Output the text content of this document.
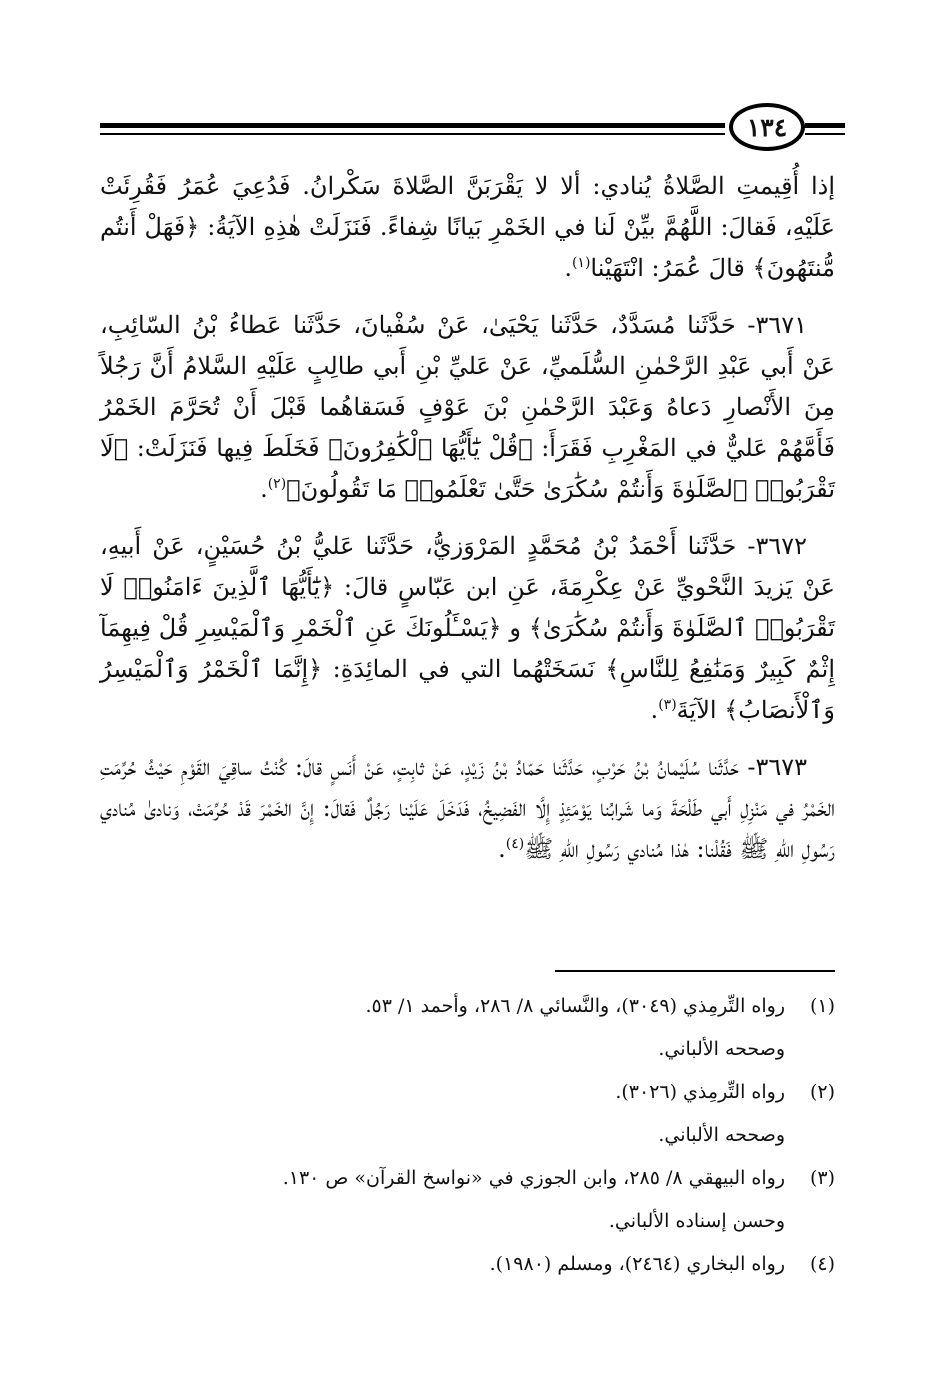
١٣٤

إذا أُقِيمتِ الصَّلاةُ يُنادي: ألا لا يَقْرَبَنَّ الصَّلاةَ سَكْرانُ. فَدُعِيَ عُمَرُ فَقُرِئَتْ عَلَيْهِ، فَقالَ: اللَّهُمَّ بيِّنْ لَنا في الخَمْرِ بَيانًا شِفاءً. فَنَزَلَتْ هٰذِهِ الآيَةُ: ﴿فَهَلْ أَنتُم مُّنتَهُونَ﴾ قالَ عُمَرُ: انْتَهَيْنا$^{(١)}$.

٣٦٧١- حَدَّثَنا مُسَدَّدٌ، حَدَّثَنا يَحْيَىٰ، عَنْ سُفْيانَ، حَدَّثَنا عَطاءُ بْنُ السّائِبِ، عَنْ أَبي عَبْدِ الرَّحْمٰنِ السُّلَميِّ، عَنْ عَليِّ بْنِ أَبي طالِبٍ عَلَيْهِ السَّلامُ أَنَّ رَجُلاً مِنَ الأَنْصارِ دَعاهُ وَعَبْدَ الرَّحْمٰنِ بْنَ عَوْفٍ فَسَقاهُما قَبْلَ أَنْ تُحَرَّمَ الخَمْرُ فَأَمَّهُمْ عَليٌّ في المَغْرِبِ فَقَرَأَ: ﴿قُلْ يَٰٓأَيُّهَا ٱلْكَٰفِرُونَ﴾ فَخَلَطَ فِيها فَنَزَلَتْ: ﴿لَا تَقْرَبُوا۟ ٱلصَّلَوٰةَ وَأَنتُمْ سُكَٰرَىٰ حَتَّىٰ تَعْلَمُوا۟ مَا تَقُولُونَ﴾$^{(٢)}$.

٣٦٧٢- حَدَّثَنا أَحْمَدُ بْنُ مُحَمَّدٍ المَرْوَزيُّ، حَدَّثَنا عَليُّ بْنُ حُسَيْنٍ، عَنْ أَبيهِ، عَنْ يَزيدَ النَّحْويِّ عَنْ عِكْرِمَةَ، عَنِ ابن عَبّاسٍ قالَ: ﴿يَٰٓأَيُّهَا ٱلَّذِينَ ءَامَنُوا۟ لَا تَقْرَبُوا۟ ٱلصَّلَوٰةَ وَأَنتُمْ سُكَٰرَىٰ﴾ و ﴿يَسْـَٔلُونَكَ عَنِ ٱلْخَمْرِ وَٱلْمَيْسِرِ قُلْ فِيهِمَآ إِثْمٌ كَبِيرٌ وَمَنَٰفِعُ لِلنَّاسِ﴾ نَسَخَتْهُما التي في المائِدَةِ: ﴿إِنَّمَا ٱلْخَمْرُ وَٱلْمَيْسِرُ وَٱلْأَنصَابُ﴾ الآيَةَ$^{(٣)}$.

٣٦٧٣- حَدَّثَنا سُلَيْمانُ بْنُ حَرْبٍ، حَدَّثَنا حَمّادُ بْنُ زَيْدٍ، عَنْ ثابِتٍ، عَنْ أَنَسٍ قالَ: كُنْتُ ساقِيَ القَوْمِ حَيْثُ حُرِّمَتِ الخَمْرُ في مَنْزِلِ أَبي طَلْحَةَ وَما شَرابُنا يَوْمَئِذٍ إِلَّا الفَضِيخُ، فَدَخَلَ عَلَيْنا رَجُلٌ فَقالَ: إِنَّ الخَمْرَ قَدْ حُرِّمَتْ، وَنادىٰ مُنادي رَسُولِ اللهِ ﷺ فَقُلْنا: هٰذا مُنادي رَسُولِ اللهِ ﷺ$^{(٤)}$.

(١)
رواه التِّرمِذي (٣٠٤٩)، والنَّسائي ٨/ ٢٨٦، وأحمد ١/ ٥٣.
وصححه الألباني.
(٢)
رواه التِّرمِذي (٣٠٢٦).
وصححه الألباني.
(٣)
رواه البيهقي ٨/ ٢٨٥، وابن الجوزي في «نواسخ القرآن» ص ١٣٠.
وحسن إسناده الألباني.
(٤)
رواه البخاري (٢٤٦٤)، ومسلم (١٩٨٠).
